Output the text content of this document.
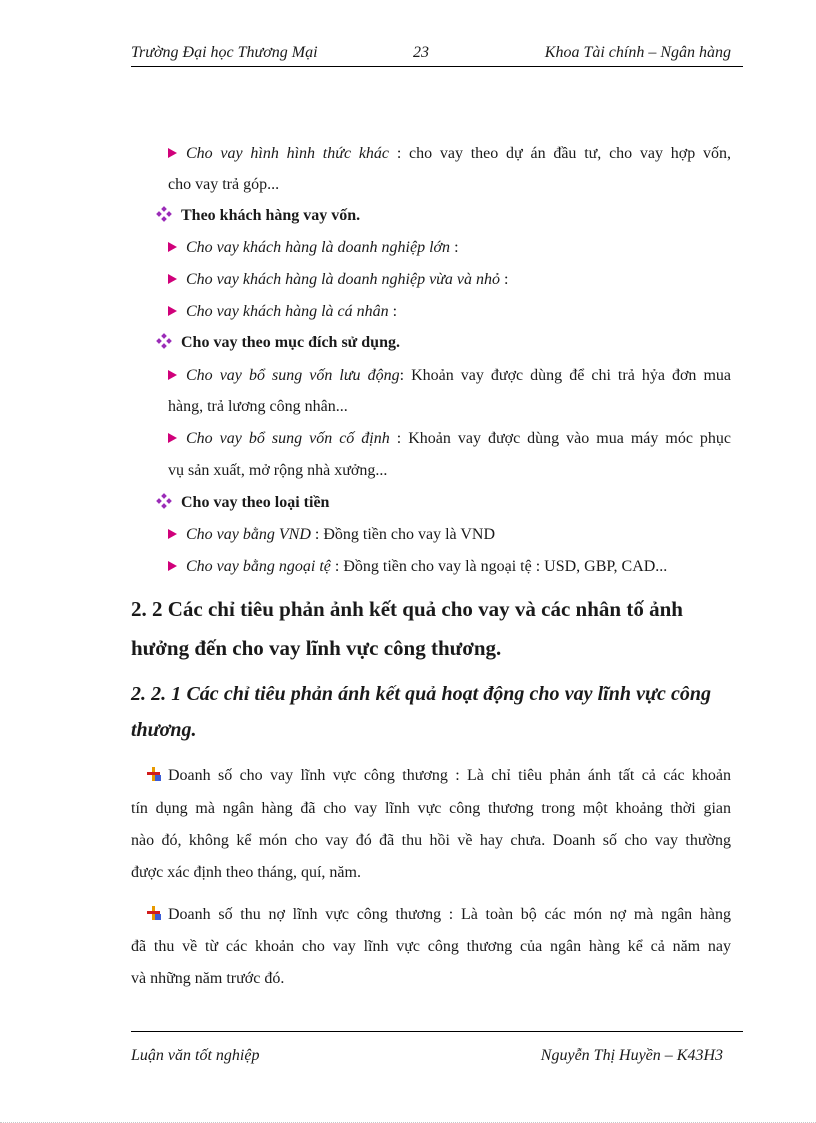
Trường Đại học Thương Mại	23	Khoa Tài chính – Ngân hàng
Cho vay hình hình thức khác : cho vay theo dự án đầu tư, cho vay hợp vốn,
cho vay trả góp...
Theo khách hàng vay vốn.
Cho vay khách hàng là doanh nghiệp lớn :
Cho vay khách hàng là doanh nghiệp vừa và nhỏ :
Cho vay khách hàng là cá nhân :
Cho vay theo mục đích sử dụng.
Cho vay bổ sung vốn lưu động: Khoản vay được dùng để chi trả hỷa đơn mua
hàng, trả lương công nhân...
Cho vay bổ sung vốn cố định : Khoản vay được dùng vào mua máy móc phục
vụ sản xuất, mở rộng nhà xưởng...
Cho vay theo loại tiền
Cho vay bằng VND : Đồng tiền cho vay là VND
Cho vay bằng ngoại tệ : Đồng tiền cho vay là ngoại tệ : USD, GBP, CAD...
2. 2 Các chỉ tiêu phản ảnh kết quả cho vay và các nhân tố ảnh
hưởng đến cho vay lĩnh vực công thương.
2. 2. 1 Các chỉ tiêu phản ánh kết quả hoạt động cho vay lĩnh vực công
thương.
Doanh số cho vay lĩnh vực công thương : Là chỉ tiêu phản ánh tất cả các khoản
tín dụng mà ngân hàng đã cho vay lĩnh vực công thương trong một khoảng thời gian
nào đó, không kể món cho vay đó đã thu hồi về hay chưa. Doanh số cho vay thường
được xác định theo tháng, quí, năm.
Doanh số thu nợ lĩnh vực công thương : Là toàn bộ các món nợ mà ngân hàng
đã thu về từ các khoản cho vay lĩnh vực công thương của ngân hàng kể cả năm nay
và những năm trước đó.
Luận văn tốt nghiệp	Nguyễn Thị Huyền – K43H3
